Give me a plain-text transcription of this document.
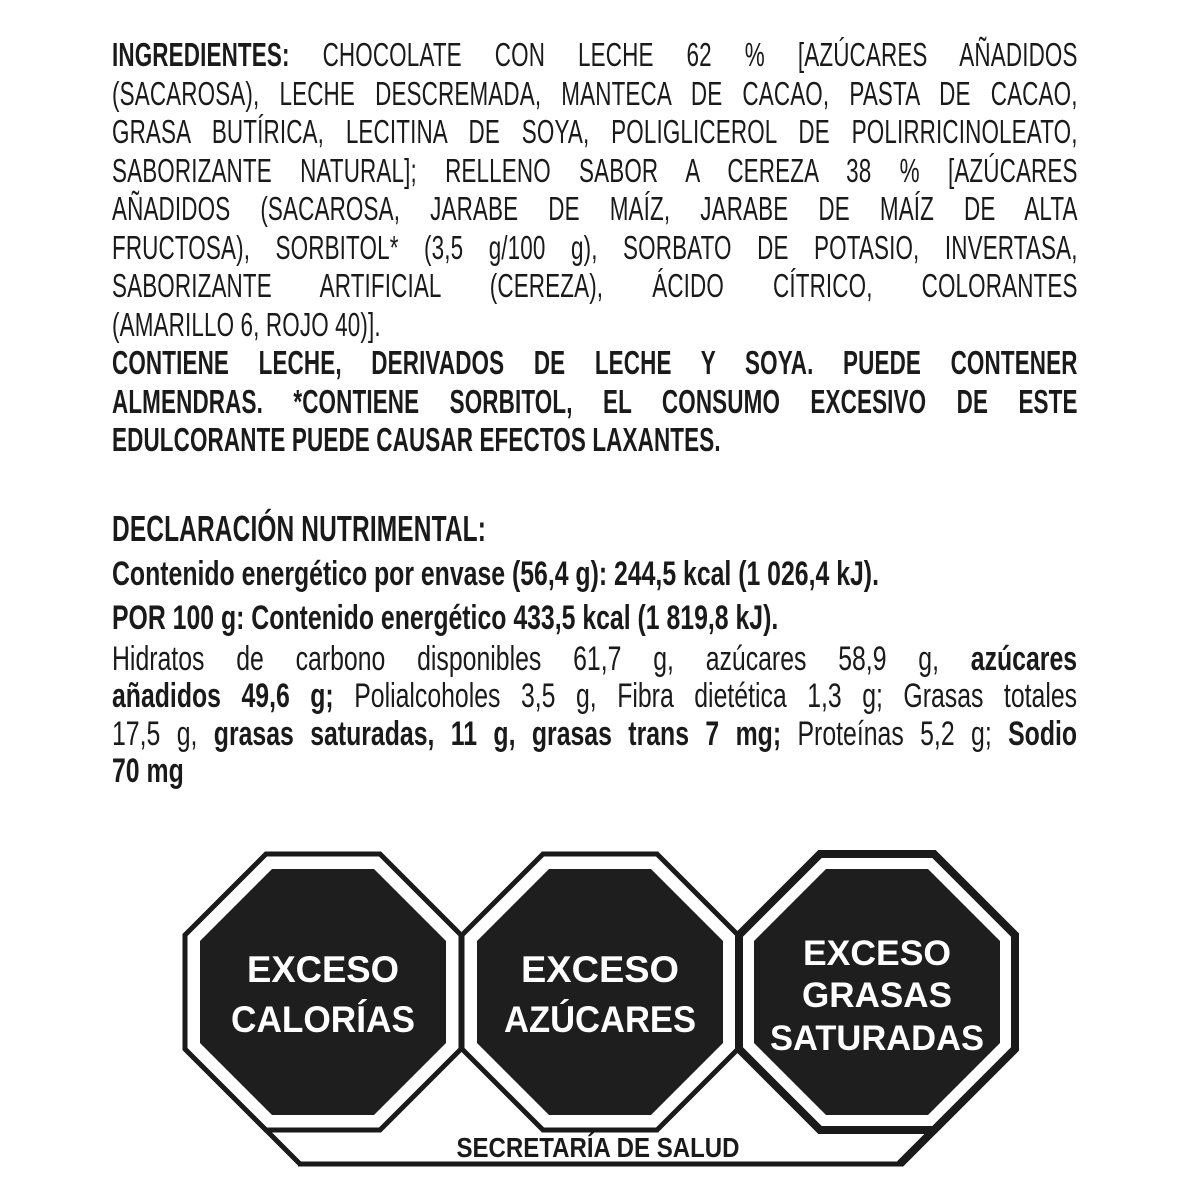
INGREDIENTES: CHOCOLATE CON LECHE 62 % [AZÚCARES AÑADIDOS
(SACAROSA), LECHE DESCREMADA, MANTECA DE CACAO, PASTA DE CACAO,
GRASA BUTÍRICA, LECITINA DE SOYA, POLIGLICEROL DE POLIRRICINOLEATO,
SABORIZANTE NATURAL]; RELLENO SABOR A CEREZA 38 % [AZÚCARES
AÑADIDOS (SACAROSA, JARABE DE MAÍZ, JARABE DE MAÍZ DE ALTA
FRUCTOSA), SORBITOL* (3,5 g/100 g), SORBATO DE POTASIO, INVERTASA,
SABORIZANTE ARTIFICIAL (CEREZA), ÁCIDO CÍTRICO, COLORANTES
(AMARILLO 6, ROJO 40)].
CONTIENE LECHE, DERIVADOS DE LECHE Y SOYA. PUEDE CONTENER
ALMENDRAS. *CONTIENE SORBITOL, EL CONSUMO EXCESIVO DE ESTE
EDULCORANTE PUEDE CAUSAR EFECTOS LAXANTES.
DECLARACIÓN NUTRIMENTAL:
Contenido energético por envase (56,4 g): 244,5 kcal (1 026,4 kJ).
POR 100 g: Contenido energético 433,5 kcal (1 819,8 kJ).
Hidratos de carbono disponibles 61,7 g, azúcares 58,9 g, azúcares
añadidos 49,6 g; Polialcoholes 3,5 g, Fibra dietética 1,3 g; Grasas totales
17,5 g, grasas saturadas, 11 g, grasas trans 7 mg; Proteínas 5,2 g; Sodio
70 mg
EXCESO
CALORÍAS
EXCESO
AZÚCARES
EXCESO
GRASAS
SATURADAS
SECRETARÍA DE SALUD
